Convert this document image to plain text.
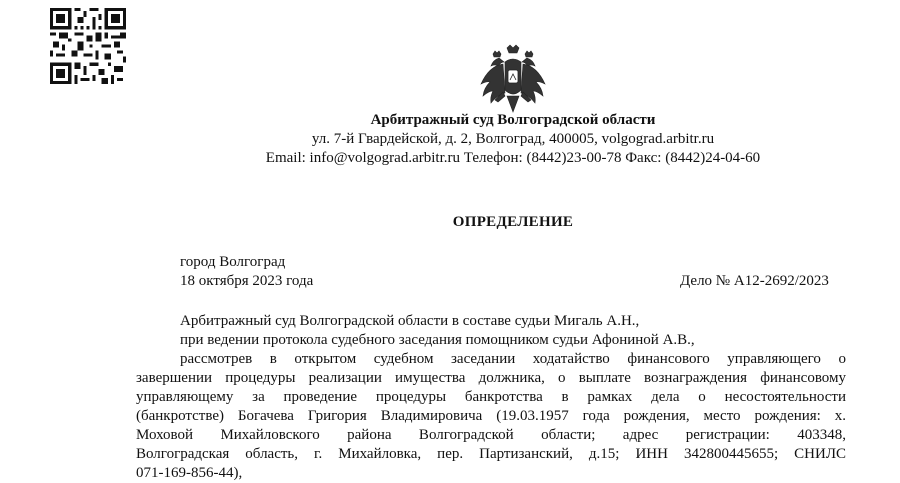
Арбитражный суд Волгоградской области
ул. 7-й Гвардейской, д. 2, Волгоград, 400005, volgograd.arbitr.ru
Email: info@volgograd.arbitr.ru Телефон: (8442)23-00-78 Факс: (8442)24-04-60
ОПРЕДЕЛЕНИЕ
город Волгоград
18 октября 2023 года	Дело № А12-2692/2023
Арбитражный суд Волгоградской области в составе судьи Мигаль А.Н.,
при ведении протокола судебного заседания помощником судьи Афониной А.В.,
рассмотрев в открытом судебном заседании ходатайство финансового управляющего о
завершении процедуры реализации имущества должника, о выплате вознаграждения финансовому
управляющему за проведение процедуры банкротства в рамках дела о несостоятельности
(банкротстве) Богачева Григория Владимировича (19.03.1957 года рождения, место рождения: х.
Моховой Михайловского района Волгоградской области; адрес регистрации: 403348,
Волгоградская область, г. Михайловка, пер. Партизанский, д.15; ИНН 342800445655; СНИЛС
071-169-856-44),
